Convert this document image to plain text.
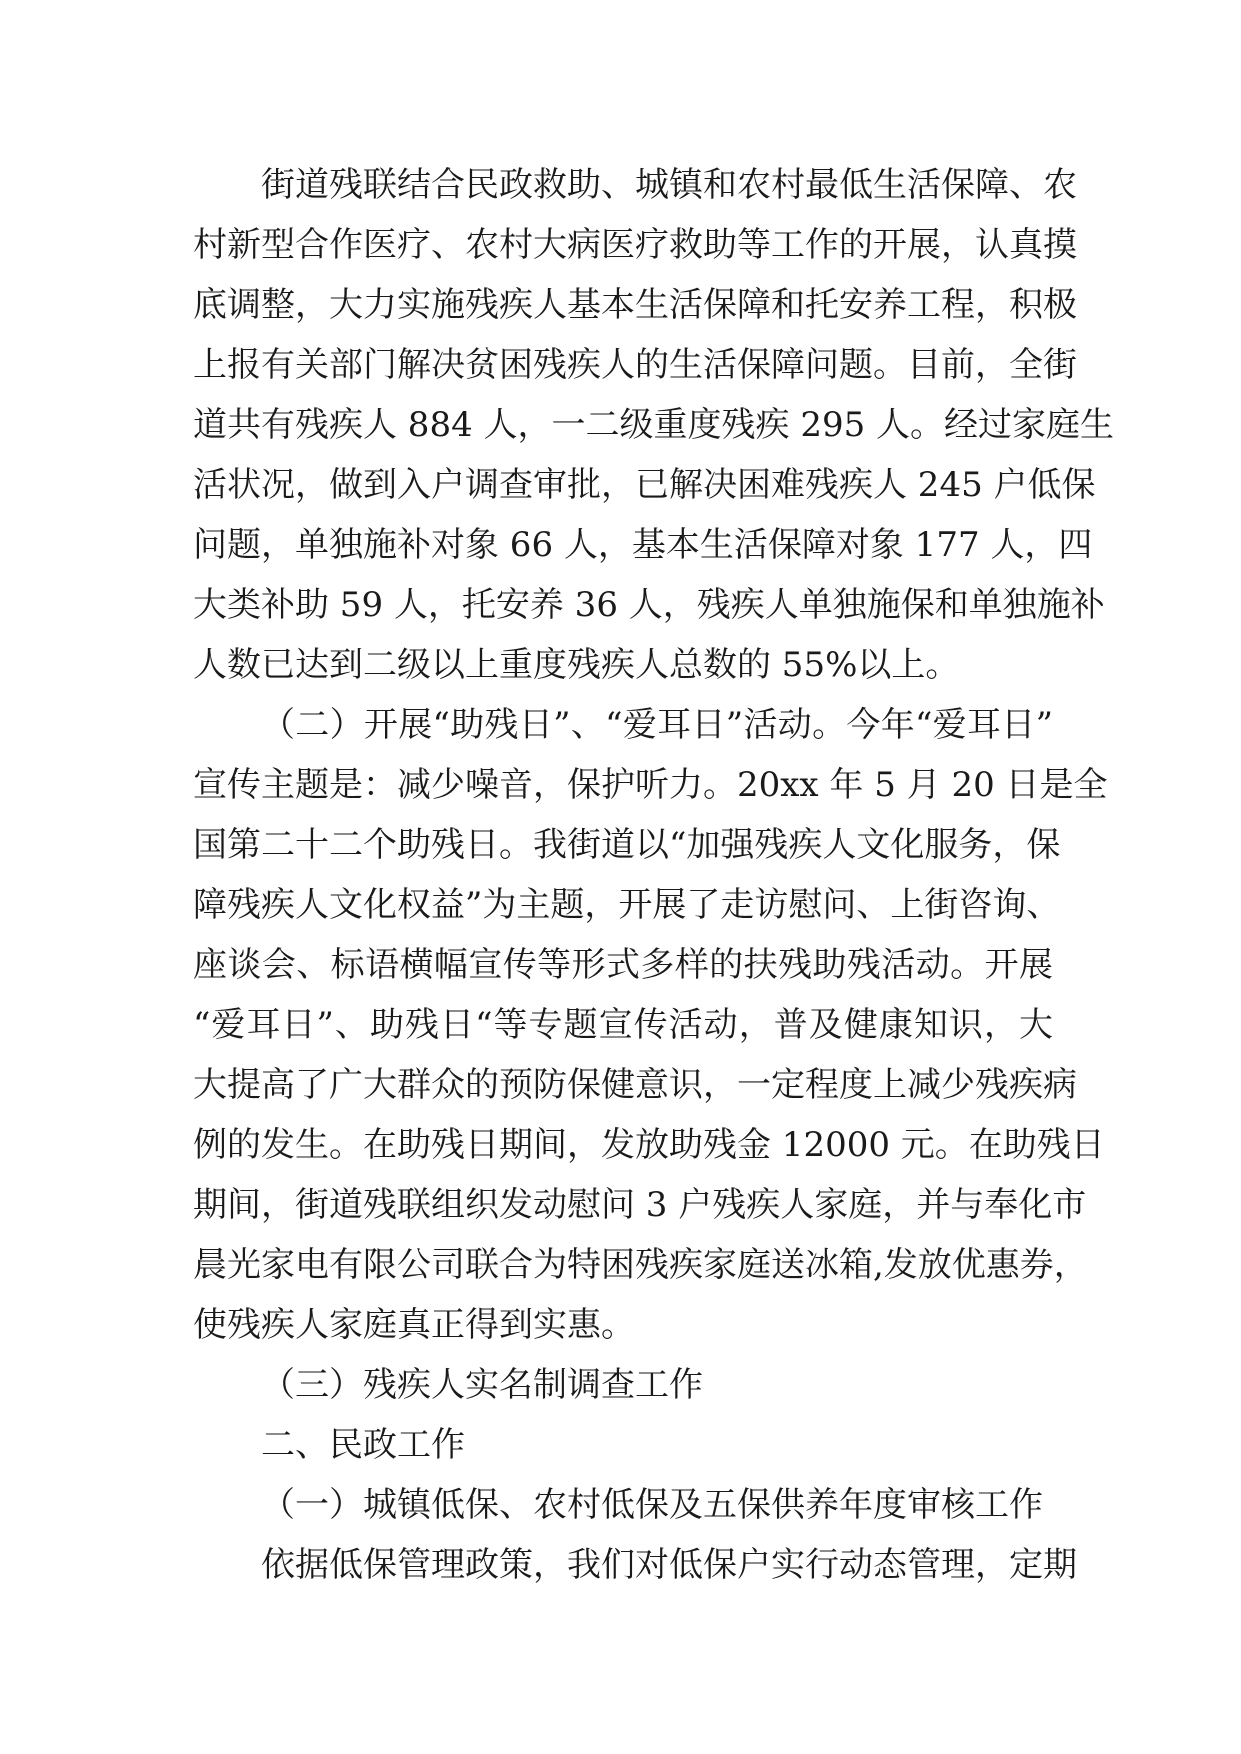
街道残联结合民政救助、城镇和农村最低生活保障、农
村新型合作医疗、农村大病医疗救助等工作的开展，认真摸
底调整，大力实施残疾人基本生活保障和托安养工程，积极
上报有关部门解决贫困残疾人的生活保障问题。目前，全街
道共有残疾人 884 人，一二级重度残疾 295 人。经过家庭生
活状况，做到入户调查审批，已解决困难残疾人 245 户低保
问题，单独施补对象 66 人，基本生活保障对象 177 人，四
大类补助 59 人，托安养 36 人，残疾人单独施保和单独施补
人数已达到二级以上重度残疾人总数的 55%以上。
（二）开展“助残日”、“爱耳日”活动。今年“爱耳日”
宣传主题是：减少噪音，保护听力。20xx 年 5 月 20 日是全
国第二十二个助残日。我街道以“加强残疾人文化服务，保
障残疾人文化权益”为主题，开展了走访慰问、上街咨询、
座谈会、标语横幅宣传等形式多样的扶残助残活动。开展
“爱耳日”、助残日“等专题宣传活动，普及健康知识，大
大提高了广大群众的预防保健意识，一定程度上减少残疾病
例的发生。在助残日期间，发放助残金 12000 元。在助残日
期间，街道残联组织发动慰问 3 户残疾人家庭，并与奉化市
晨光家电有限公司联合为特困残疾家庭送冰箱,发放优惠券，
使残疾人家庭真正得到实惠。
（三）残疾人实名制调查工作
二、民政工作
（一）城镇低保、农村低保及五保供养年度审核工作
依据低保管理政策，我们对低保户实行动态管理，定期
